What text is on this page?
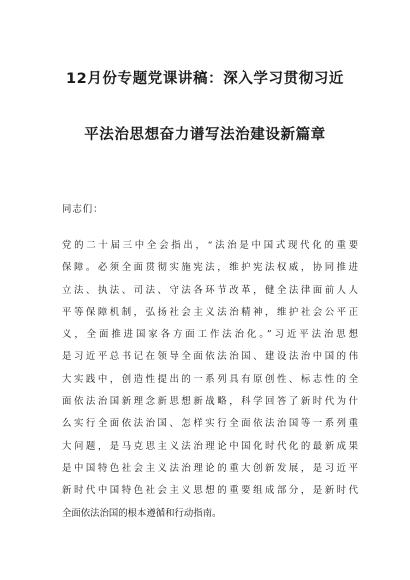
12月份专题党课讲稿：深入学习贯彻习近
平法治思想奋力谱写法治建设新篇章

同志们：

党的二十届三中全会指出，“法治是中国式现代化的重要
保障。必须全面贯彻实施宪法，维护宪法权威，协同推进
立法、执法、司法、守法各环节改革，健全法律面前人人
平等保障机制，弘扬社会主义法治精神，维护社会公平正
义，全面推进国家各方面工作法治化。”习近平法治思想
是习近平总书记在领导全面依法治国、建设法治中国的伟
大实践中，创造性提出的一系列具有原创性、标志性的全
面依法治国新理念新思想新战略，科学回答了新时代为什
么实行全面依法治国、怎样实行全面依法治国等一系列重
大问题，是马克思主义法治理论中国化时代化的最新成果
是中国特色社会主义法治理论的重大创新发展，是习近平
新时代中国特色社会主义思想的重要组成部分，是新时代
全面依法治国的根本遵循和行动指南。
